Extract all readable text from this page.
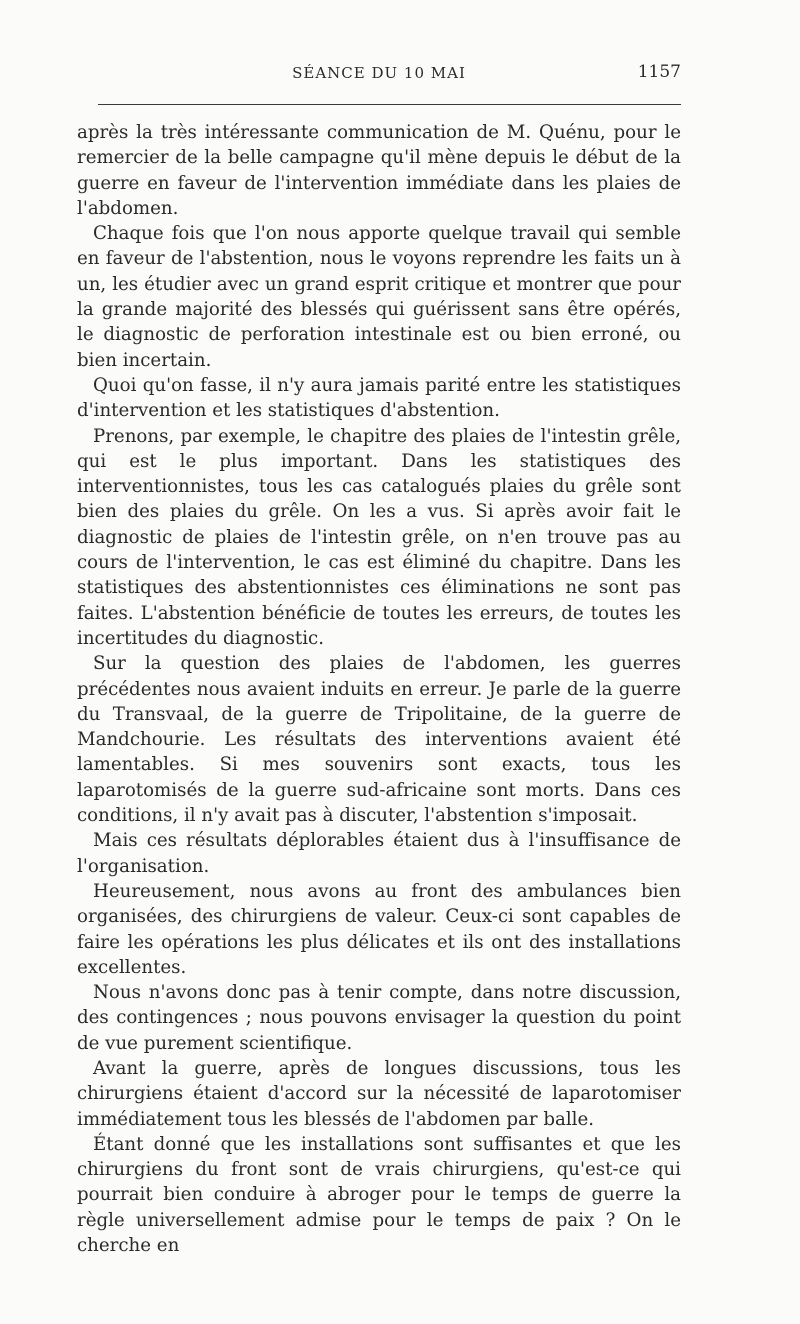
SÉANCE DU 10 MAI	1157

après la très intéressante communication de M. Quénu, pour le remercier de la belle campagne qu'il mène depuis le début de la guerre en faveur de l'intervention immédiate dans les plaies de l'abdomen.

Chaque fois que l'on nous apporte quelque travail qui semble en faveur de l'abstention, nous le voyons reprendre les faits un à un, les étudier avec un grand esprit critique et montrer que pour la grande majorité des blessés qui guérissent sans être opérés, le diagnostic de perforation intestinale est ou bien erroné, ou bien incertain.

Quoi qu'on fasse, il n'y aura jamais parité entre les statistiques d'intervention et les statistiques d'abstention.

Prenons, par exemple, le chapitre des plaies de l'intestin grêle, qui est le plus important. Dans les statistiques des interventionnistes, tous les cas catalogués plaies du grêle sont bien des plaies du grêle. On les a vus. Si après avoir fait le diagnostic de plaies de l'intestin grêle, on n'en trouve pas au cours de l'intervention, le cas est éliminé du chapitre. Dans les statistiques des abstentionnistes ces éliminations ne sont pas faites. L'abstention bénéficie de toutes les erreurs, de toutes les incertitudes du diagnostic.

Sur la question des plaies de l'abdomen, les guerres précédentes nous avaient induits en erreur. Je parle de la guerre du Transvaal, de la guerre de Tripolitaine, de la guerre de Mandchourie. Les résultats des interventions avaient été lamentables. Si mes souvenirs sont exacts, tous les laparotomisés de la guerre sud-africaine sont morts. Dans ces conditions, il n'y avait pas à discuter, l'abstention s'imposait.

Mais ces résultats déplorables étaient dus à l'insuffisance de l'organisation.

Heureusement, nous avons au front des ambulances bien organisées, des chirurgiens de valeur. Ceux-ci sont capables de faire les opérations les plus délicates et ils ont des installations excellentes.

Nous n'avons donc pas à tenir compte, dans notre discussion, des contingences ; nous pouvons envisager la question du point de vue purement scientifique.

Avant la guerre, après de longues discussions, tous les chirurgiens étaient d'accord sur la nécessité de laparotomiser immédiatement tous les blessés de l'abdomen par balle.

Étant donné que les installations sont suffisantes et que les chirurgiens du front sont de vrais chirurgiens, qu'est-ce qui pourrait bien conduire à abroger pour le temps de guerre la règle universellement admise pour le temps de paix ? On le cherche en
